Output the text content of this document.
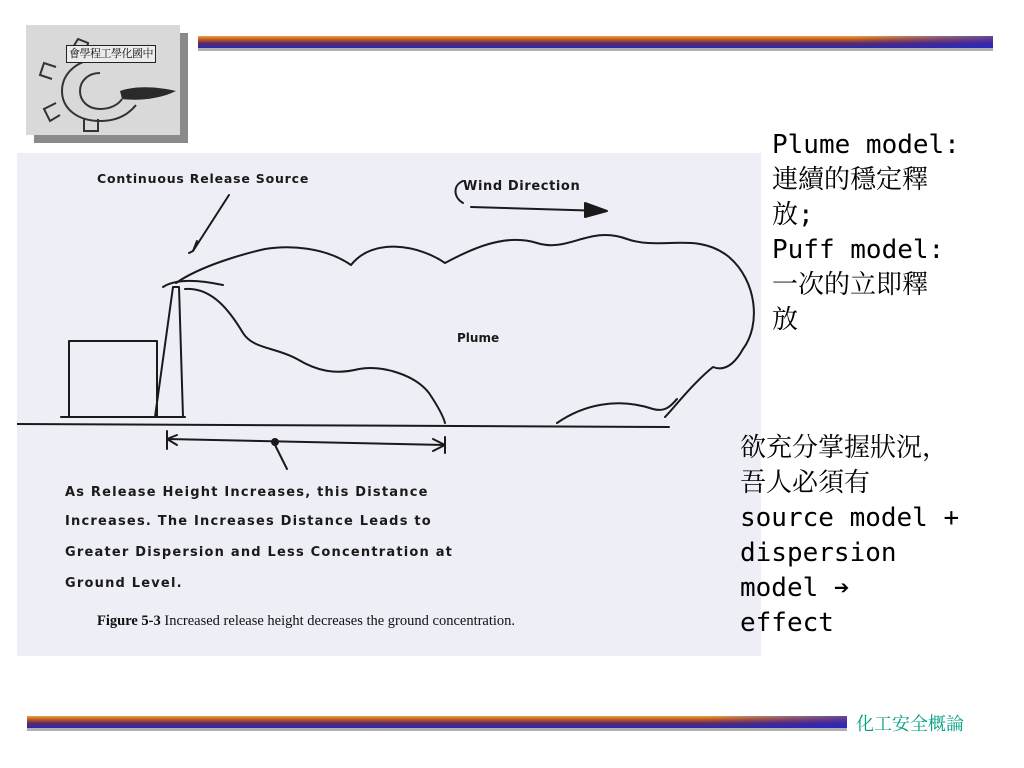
會學程工學化國中
Continuous Release Source
Wind Direction
Plume
As Release Height Increases, this Distance
Increases. The Increases Distance Leads to
Greater Dispersion and Less Concentration at
Ground Level.
Figure 5-3 Increased release height decreases the ground concentration.
Plume model:
連續的穩定釋
放;
Puff model:
一次的立即釋
放
欲充分掌握狀況，
吾人必須有
source model +
dispersion
model ➔
effect
化工安全概論
